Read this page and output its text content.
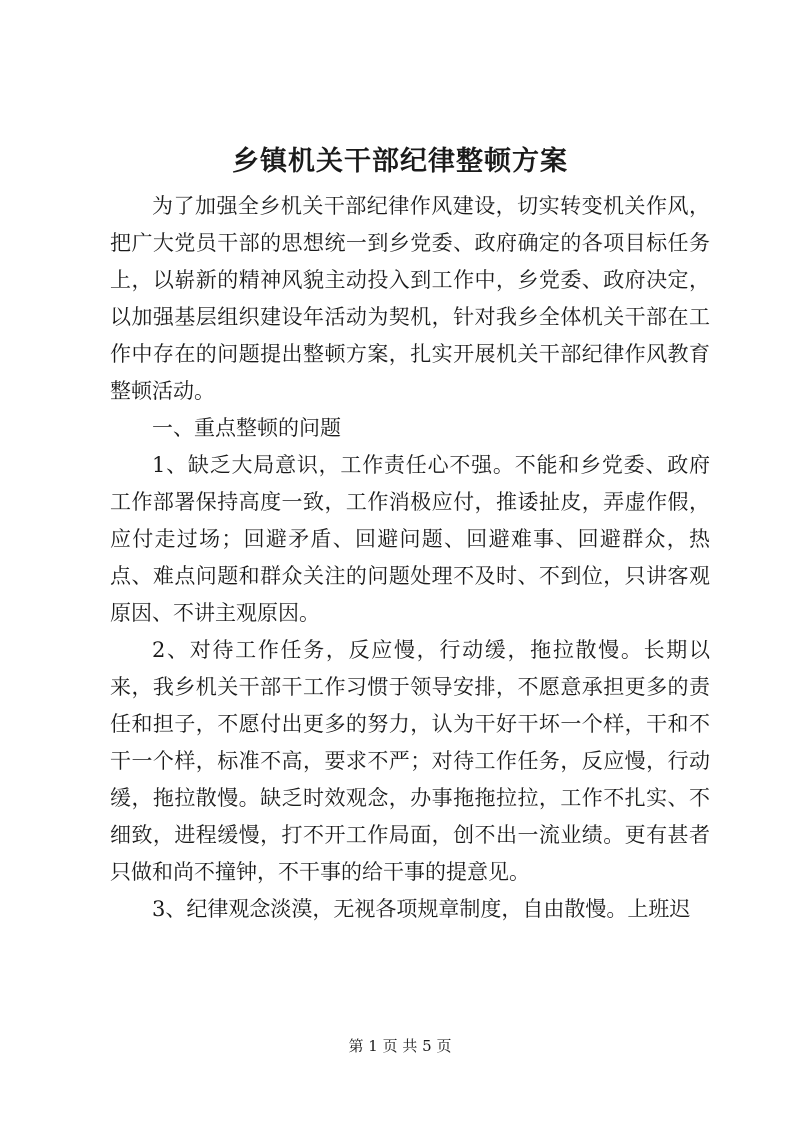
乡镇机关干部纪律整顿方案

为了加强全乡机关干部纪律作风建设，切实转变机关作风，把广大党员干部的思想统一到乡党委、政府确定的各项目标任务上，以崭新的精神风貌主动投入到工作中，乡党委、政府决定，以加强基层组织建设年活动为契机，针对我乡全体机关干部在工作中存在的问题提出整顿方案，扎实开展机关干部纪律作风教育整顿活动。

一、重点整顿的问题

1、缺乏大局意识，工作责任心不强。不能和乡党委、政府工作部署保持高度一致，工作消极应付，推诿扯皮，弄虚作假，应付走过场；回避矛盾、回避问题、回避难事、回避群众，热点、难点问题和群众关注的问题处理不及时、不到位，只讲客观原因、不讲主观原因。

2、对待工作任务，反应慢，行动缓，拖拉散慢。长期以来，我乡机关干部干工作习惯于领导安排，不愿意承担更多的责任和担子，不愿付出更多的努力，认为干好干坏一个样，干和不干一个样，标准不高，要求不严；对待工作任务，反应慢，行动缓，拖拉散慢。缺乏时效观念，办事拖拖拉拉，工作不扎实、不细致，进程缓慢，打不开工作局面，创不出一流业绩。更有甚者只做和尚不撞钟，不干事的给干事的提意见。

3、纪律观念淡漠，无视各项规章制度，自由散慢。上班迟

第 1 页 共 5 页
